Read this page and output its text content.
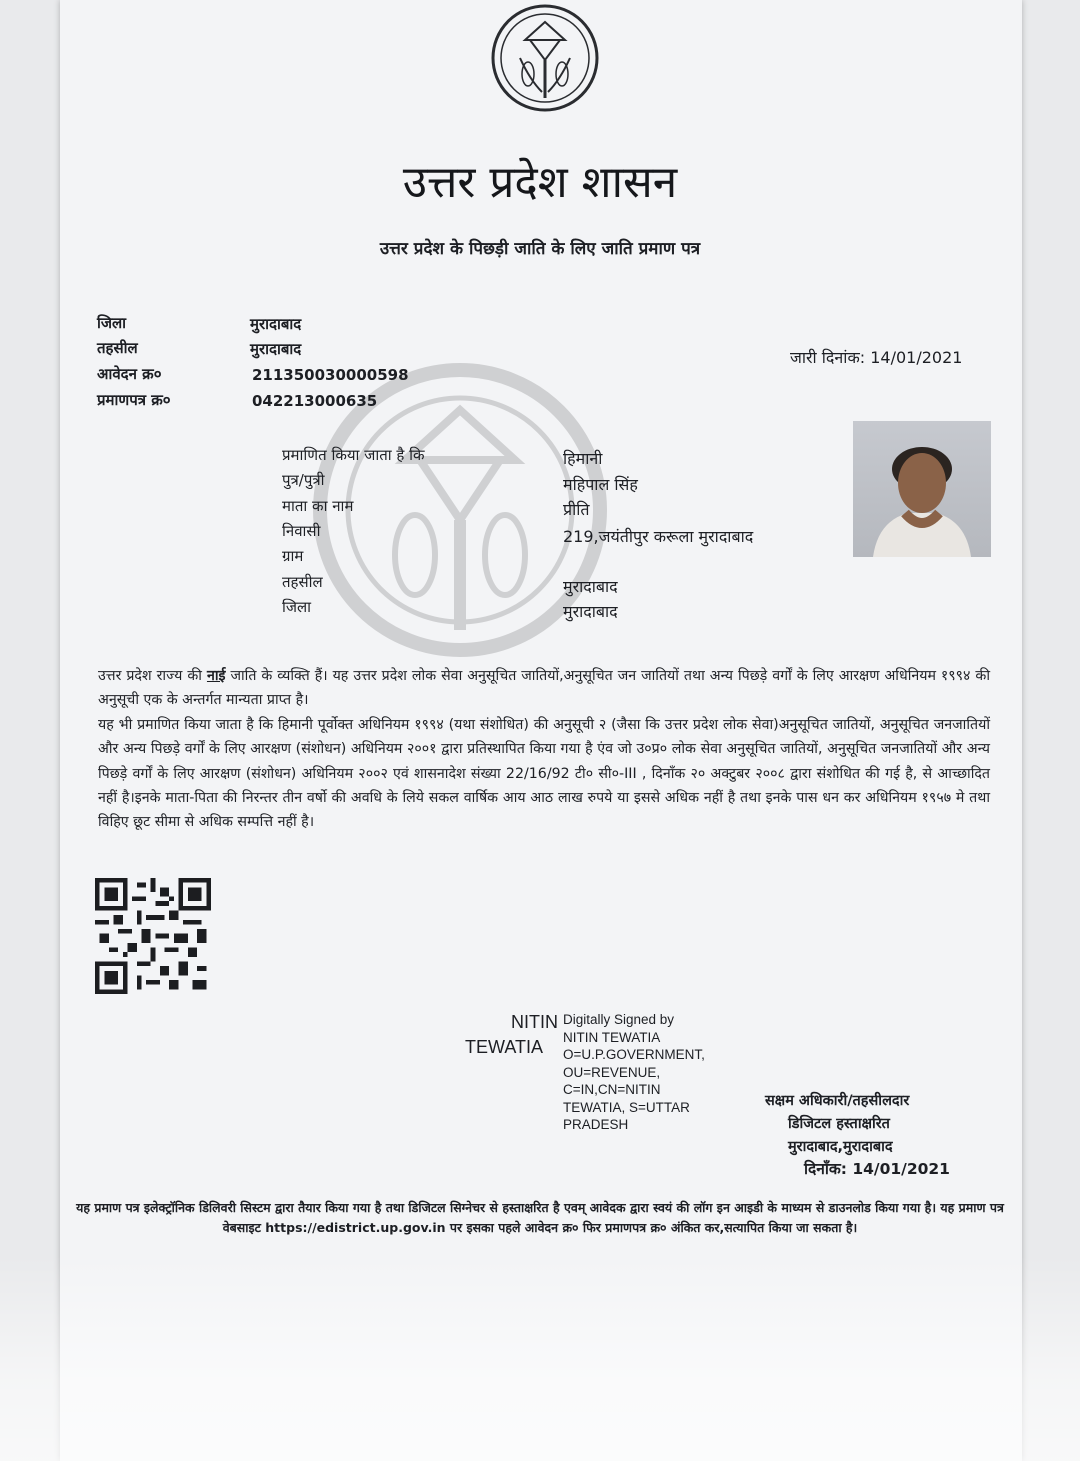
उत्तर प्रदेश शासन
उत्तर प्रदेश के पिछड़ी जाति के लिए जाति प्रमाण पत्र
जिला	मुरादाबाद
तहसील	मुरादाबाद
आवेदन क्र०	211350030000598
प्रमाणपत्र क्र०	042213000635
जारी दिनांक: 14/01/2021
प्रमाणित किया जाता है कि	हिमानी
पुत्र/पुत्री	महिपाल सिंह
माता का नाम	प्रीति
निवासी	219,जयंतीपुर करूला मुरादाबाद
ग्राम
तहसील	मुरादाबाद
जिला	मुरादाबाद
उत्तर प्रदेश राज्य की नाई जाति के व्यक्ति हैं। यह उत्तर प्रदेश लोक सेवा अनुसूचित जातियों,अनुसूचित जन जातियों तथा अन्य पिछड़े वर्गों के लिए आरक्षण अधिनियम १९९४ की अनुसूची एक के अन्तर्गत मान्यता प्राप्त है।
यह भी प्रमाणित किया जाता है कि हिमानी पूर्वोक्त अधिनियम १९९४ (यथा संशोधित) की अनुसूची २ (जैसा कि उत्तर प्रदेश लोक सेवा)अनुसूचित जातियों, अनुसूचित जनजातियों और अन्य पिछड़े वर्गों के लिए आरक्षण (संशोधन) अधिनियम २००१ द्वारा प्रतिस्थापित किया गया है एंव जो उ०प्र० लोक सेवा अनुसूचित जातियों, अनुसूचित जनजातियों और अन्य पिछड़े वर्गों के लिए आरक्षण (संशोधन) अधिनियम २००२ एवं शासनादेश संख्या 22/16/92 टी० सी०-III , दिनाँक २० अक्टुबर २००८ द्वारा संशोधित की गई है, से आच्छादित नहीं है।इनके माता-पिता की निरन्तर तीन वर्षो की अवधि के लिये सकल वार्षिक आय आठ लाख रुपये या इससे अधिक नहीं है तथा इनके पास धन कर अधिनियम १९५७ मे तथा विहिए छूट सीमा से अधिक सम्पत्ति नहीं है।
NITIN
TEWATIA
Digitally Signed by
NITIN TEWATIA
O=U.P.GOVERNMENT,
OU=REVENUE,
C=IN,CN=NITIN
TEWATIA, S=UTTAR
PRADESH
सक्षम अधिकारी/तहसीलदार
डिजिटल हस्ताक्षरित
मुरादाबाद,मुरादाबाद
दिनाँक: 14/01/2021
यह प्रमाण पत्र इलेक्ट्रॉनिक डिलिवरी सिस्टम द्वारा तैयार किया गया है तथा डिजिटल सिग्नेचर से हस्ताक्षरित है एवम् आवेदक द्वारा स्वयं की लॉग इन आइडी के माध्यम से डाउनलोड किया गया है। यह प्रमाण पत्र वेबसाइट https://edistrict.up.gov.in पर इसका पहले आवेदन क्र० फिर प्रमाणपत्र क्र० अंकित कर,सत्यापित किया जा सकता है।
